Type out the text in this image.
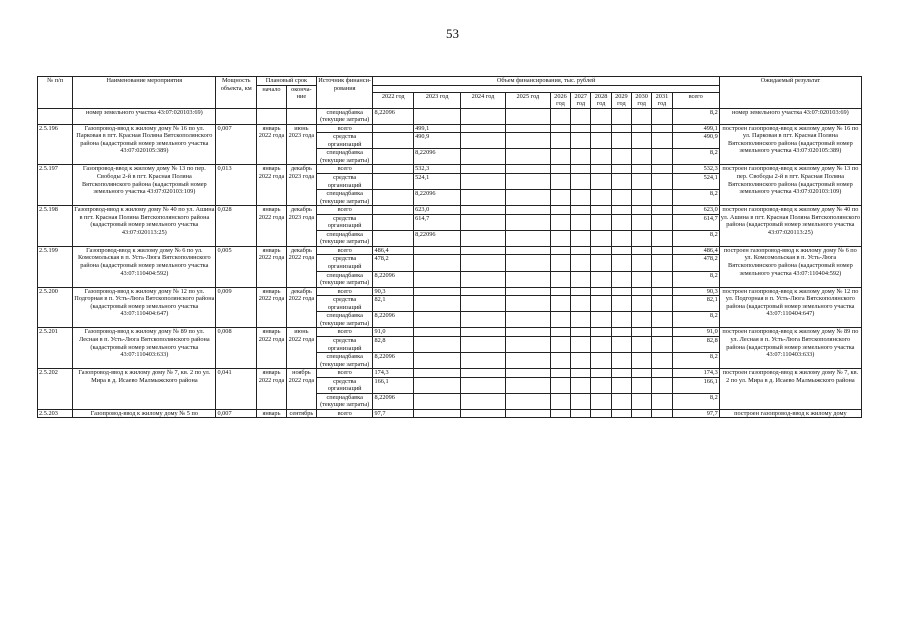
53
№ п/п	Наименование мероприятия	Мощность объекта, км	Плановый срок		Источник финанси-рования	Объем финансирования, тыс. рублей											Ожидаемый результат
			начало	оконча-ние													
						2022 год	2023 год	2024 год	2025 год	2026 год	2027 год	2028 год	2029 год	2030 год	2031 год	всего	
	номер земельного участка 43:07:020103:69)				спецнадбавка (текущие затраты)	8,22096										8,2	номер земельного участка 43:07:020103:69)
2.5.196	Газопровод-ввод к жилому дому № 16 по ул. Парковая в пгт. Красная Поляна Вятскополянского района (кадастровый номер земельного участка 43:07:020105:389)	0,007	январь 2022 года	июнь 2023 года	всего		499,1									499,1	построен газопровод-ввод к жилому дому № 16 по ул. Парковая в пгт. Красная Поляна Вятскополянского района (кадастровый номер земельного участка 43:07:020105:389)
					средства организаций		490,9									490,9	
					спецнадбавка (текущие затраты)		8,22096									8,2	
2.5.197	Газопровод-ввод к жилому дому № 13 по пер. Свободы 2-й в пгт. Красная Поляна Вятскополянского района (кадастровый номер земельного участка 43:07:020103:109)	0,013	январь 2022 года	декабрь 2023 года	всего		532,3									532,3	построен газопровод-ввод к жилому дому № 13 по пер. Свободы 2-й в пгт. Красная Поляна Вятскополянского района (кадастровый номер земельного участка 43:07:020103:109)
					средства организаций		524,1									524,1	
					спецнадбавка (текущие затраты)		8,22096									8,2	
2.5.198	Газопровод-ввод к жилому дому № 40 по ул. Ашина в пгт. Красная Поляна Вятскополянского района (кадастровый номер земельного участка 43:07:020113:25)	0,028	январь 2022 года	декабрь 2023 года	всего		623,0									623,0	построен газопровод-ввод к жилому дому № 40 по ул. Ашина в пгт. Красная Поляна Вятскополянского района (кадастровый номер земельного участка 43:07:020113:25)
					средства организаций		614,7									614,7	
					спецнадбавка (текущие затраты)		8,22096									8,2	
2.5.199	Газопровод-ввод к жилому дому № 6 по ул. Комсомольская в п. Усть-Люга Вятскополянского района (кадастровый номер земельного участка 43:07:110404:592)	0,005	январь 2022 года	декабрь 2022 года	всего	486,4										486,4	построен газопровод-ввод к жилому дому № 6 по ул. Комсомольская в п. Усть-Люга Вятскополянского района (кадастровый номер земельного участка 43:07:110404:592)
					средства организаций	478,2										478,2	
					спецнадбавка (текущие затраты)	8,22096										8,2	
2.5.200	Газопровод-ввод к жилому дому № 12 по ул. Подгорная в п. Усть-Люга Вятскополянского района (кадастровый номер земельного участка 43:07:110404:647)	0,009	январь 2022 года	декабрь 2022 года	всего	90,3										90,3	построен газопровод-ввод к жилому дому № 12 по ул. Подгорная в п. Усть-Люга Вятскополянского района (кадастровый номер земельного участка 43:07:110404:647)
					средства организаций	82,1										82,1	
					спецнадбавка (текущие затраты)	8,22096										8,2	
2.5.201	Газопровод-ввод к жилому дому № 89 по ул. Лесная в п. Усть-Люга Вятскополянского района (кадастровый номер земельного участка 43:07:110403:633)	0,008	январь 2022 года	июнь 2022 года	всего	91,0										91,0	построен газопровод-ввод к жилому дому № 89 по ул. Лесная в п. Усть-Люга Вятскополянского района (кадастровый номер земельного участка 43:07:110403:633)
					средства организаций	82,8										82,8	
					спецнадбавка (текущие затраты)	8,22096										8,2	
2.5.202	Газопровод-ввод к жилому дому № 7, кв. 2 по ул. Мира в д. Исаево Малмыжского района	0,041	январь 2022 года	ноябрь 2022 года	всего	174,3										174,3	построен газопровод-ввод к жилому дому № 7, кв. 2 по ул. Мира в д. Исаево Малмыжского района
					средства организаций	166,1										166,1	
					спецнадбавка (текущие затраты)	8,22096										8,2	
2.5.203	Газопровод-ввод к жилому дому № 5 по	0,007	январь	сентябрь	всего	97,7										97,7	построен газопровод-ввод к жилому дому
